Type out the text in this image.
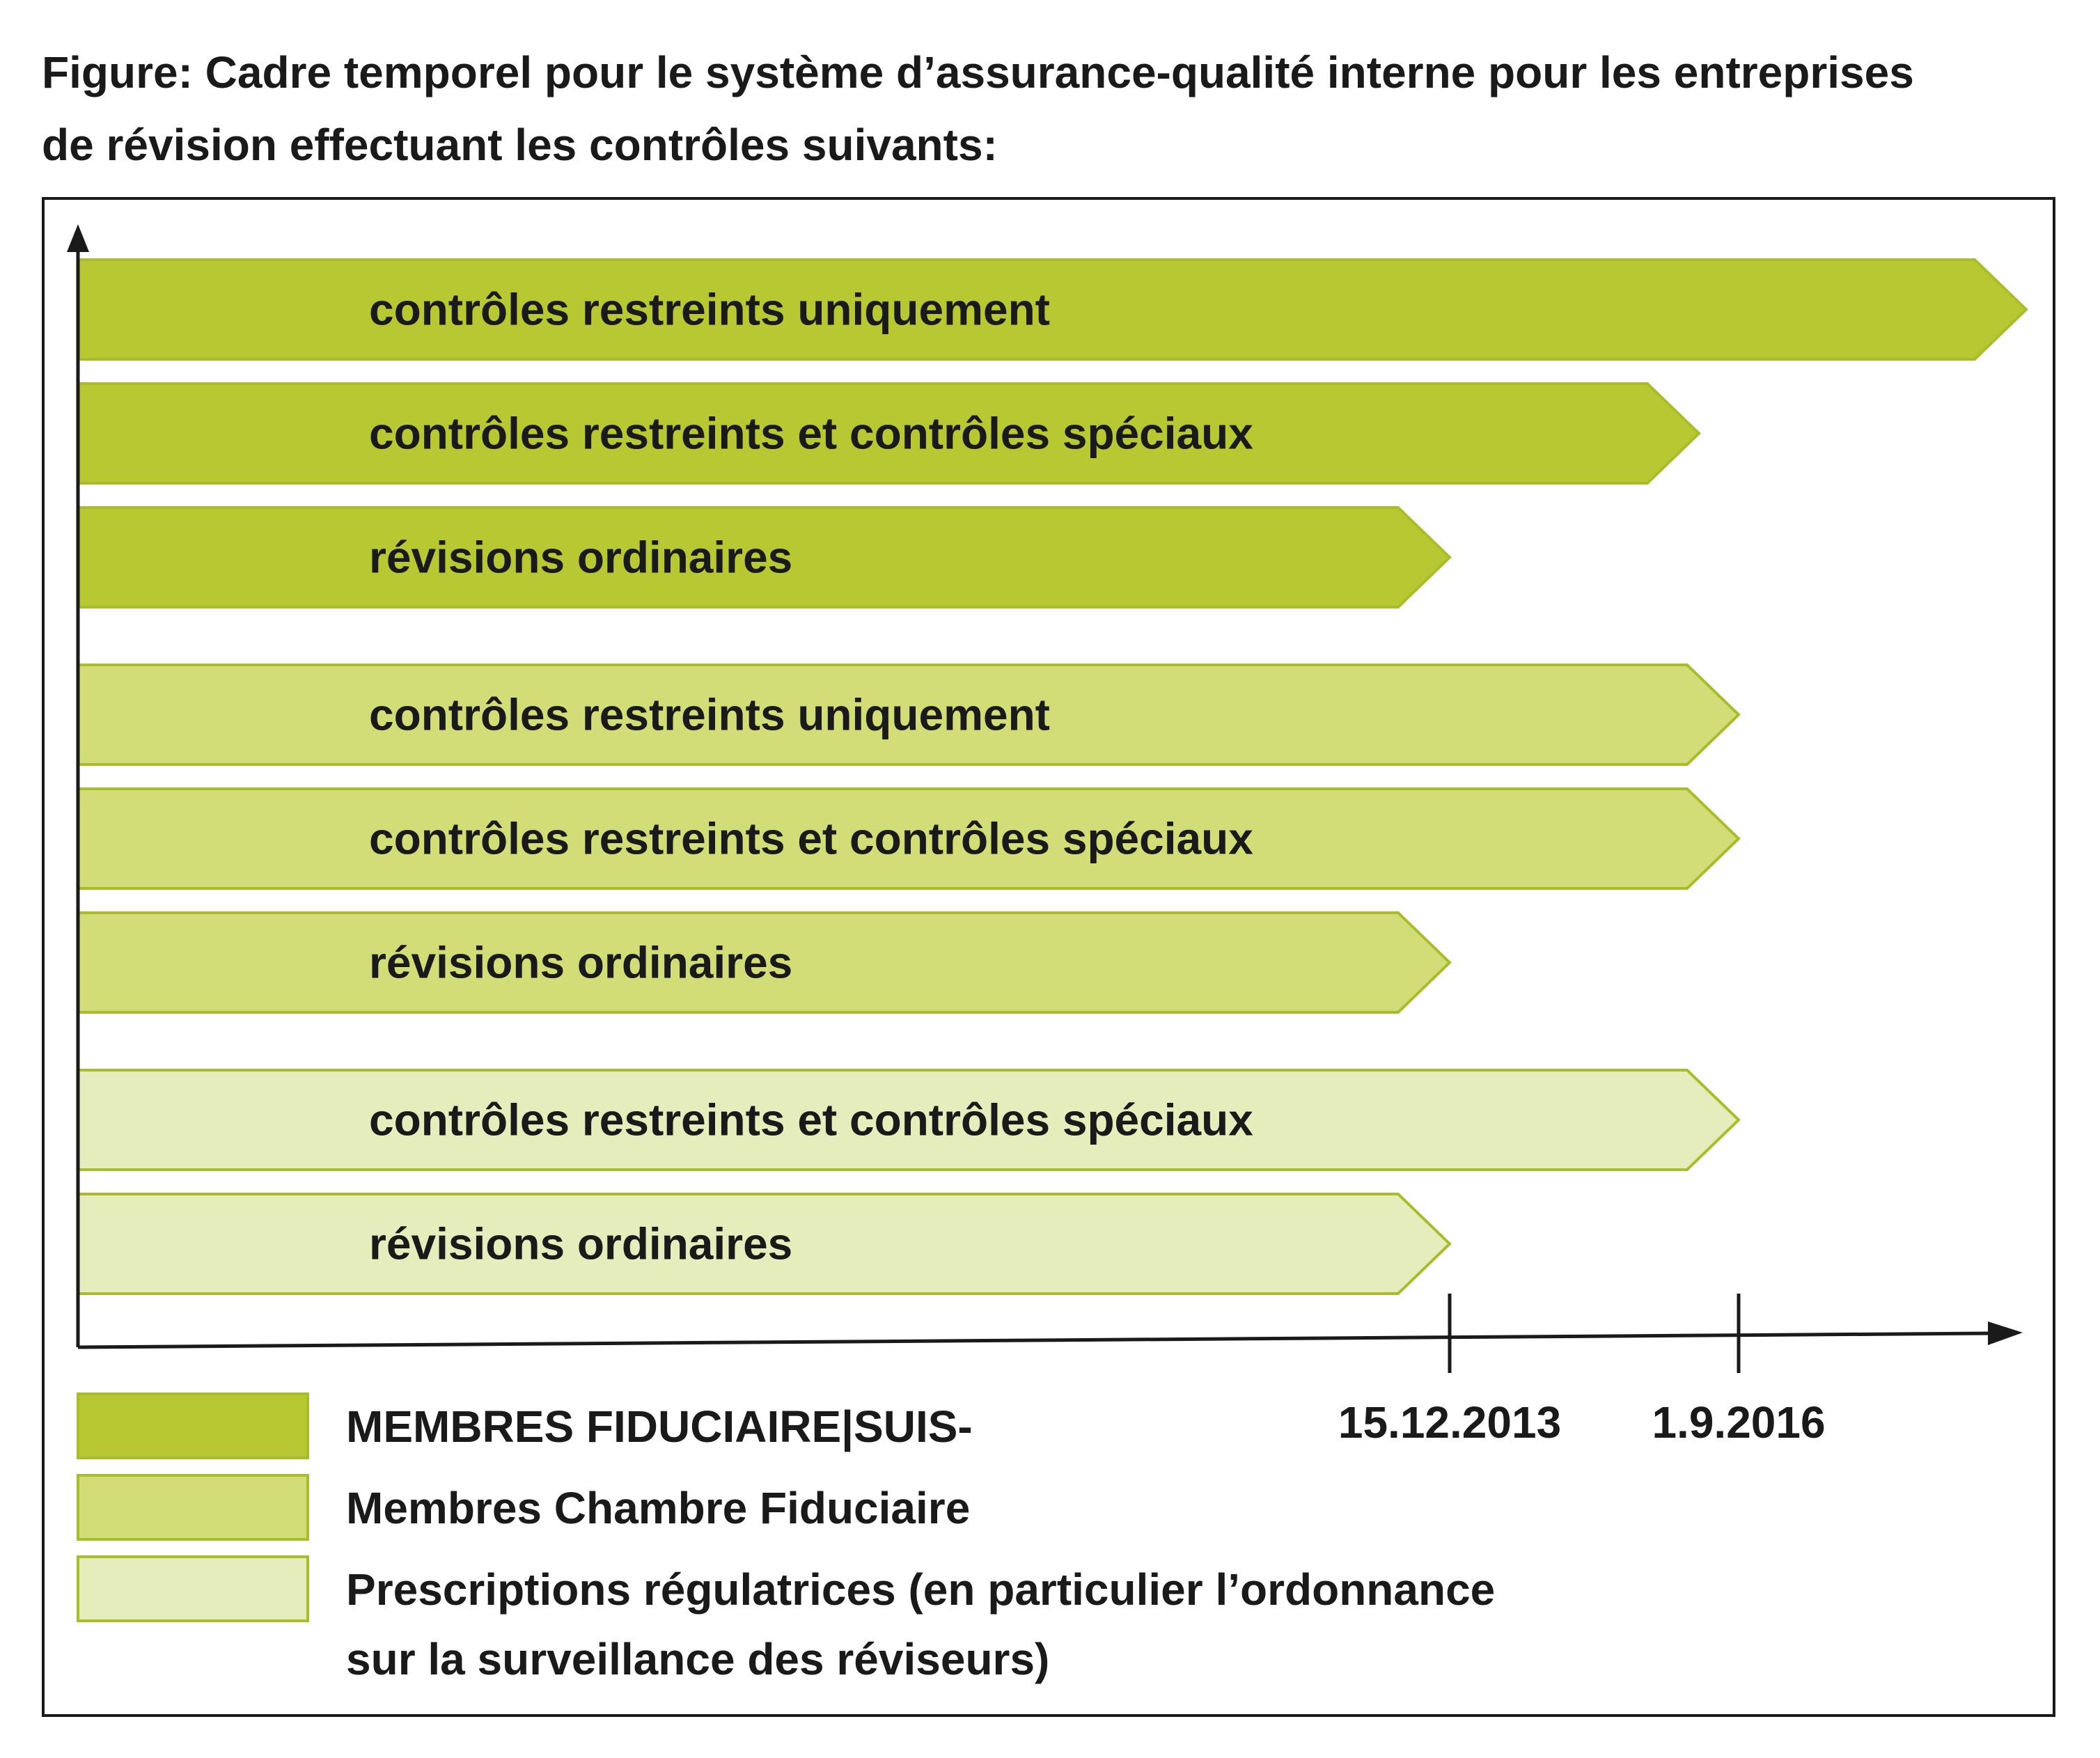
Figure: Cadre temporel pour le système d’assurance-qualité interne pour les entreprises
de révision effectuant les contrôles suivants:
contrôles restreints uniquement
contrôles restreints et contrôles spéciaux
révisions ordinaires
contrôles restreints uniquement
contrôles restreints et contrôles spéciaux
révisions ordinaires
contrôles restreints et contrôles spéciaux
révisions ordinaires
15.12.2013 1.9.2016
MEMBRES FIDUCIAIRE|SUIS-
Membres Chambre Fiduciaire
Prescriptions régulatrices (en particulier l’ordonnance
sur la surveillance des réviseurs)
